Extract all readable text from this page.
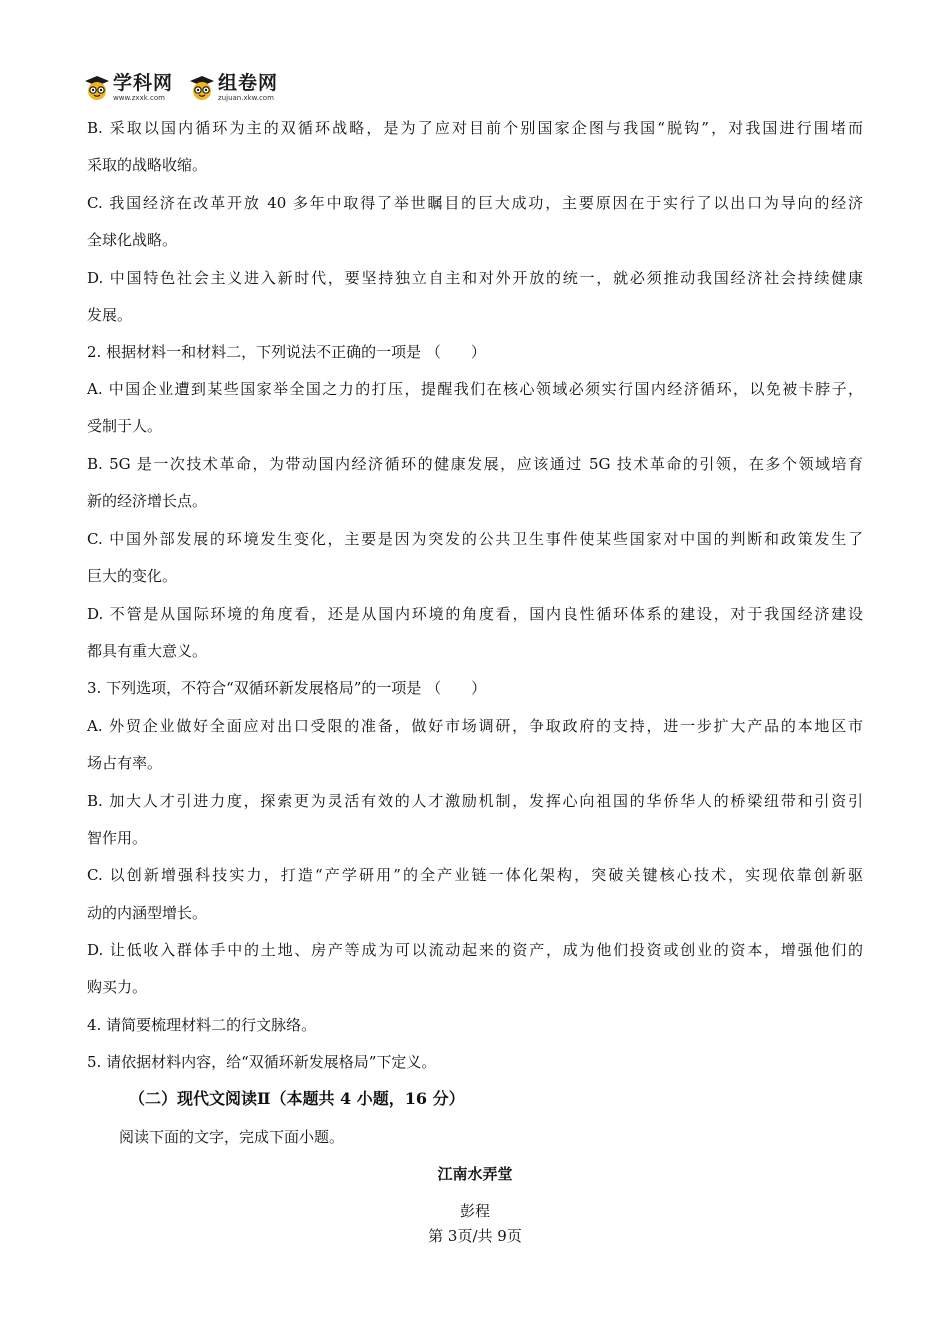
学科网
www.zxxk.com
组卷网
zujuan.xkw.com
B. 采取以国内循环为主的双循环战略，是为了应对目前个别国家企图与我国“脱钩”，对我国进行围堵而
采取的战略收缩。
C. 我国经济在改革开放 40 多年中取得了举世瞩目的巨大成功，主要原因在于实行了以出口为导向的经济
全球化战略。
D. 中国特色社会主义进入新时代，要坚持独立自主和对外开放的统一，就必须推动我国经济社会持续健康
发展。
2. 根据材料一和材料二，下列说法不正确的一项是 （　　）
A. 中国企业遭到某些国家举全国之力的打压，提醒我们在核心领域必须实行国内经济循环，以免被卡脖子，
受制于人。
B. 5G 是一次技术革命，为带动国内经济循环的健康发展，应该通过 5G 技术革命的引领，在多个领域培育
新的经济增长点。
C. 中国外部发展的环境发生变化，主要是因为突发的公共卫生事件使某些国家对中国的判断和政策发生了
巨大的变化。
D. 不管是从国际环境的角度看，还是从国内环境的角度看，国内良性循环体系的建设，对于我国经济建设
都具有重大意义。
3. 下列选项，不符合“双循环新发展格局”的一项是 （　　）
A. 外贸企业做好全面应对出口受限的准备，做好市场调研，争取政府的支持，进一步扩大产品的本地区市
场占有率。
B. 加大人才引进力度，探索更为灵活有效的人才激励机制，发挥心向祖国的华侨华人的桥梁纽带和引资引
智作用。
C. 以创新增强科技实力，打造“产学研用”的全产业链一体化架构，突破关键核心技术，实现依靠创新驱
动的内涵型增长。
D. 让低收入群体手中的土地、房产等成为可以流动起来的资产，成为他们投资或创业的资本，增强他们的
购买力。
4. 请简要梳理材料二的行文脉络。
5. 请依据材料内容，给“双循环新发展格局”下定义。
（二）现代文阅读Ⅱ（本题共 4 小题，16 分）
阅读下面的文字，完成下面小题。
江南水弄堂
彭程
第 3页/共 9页
